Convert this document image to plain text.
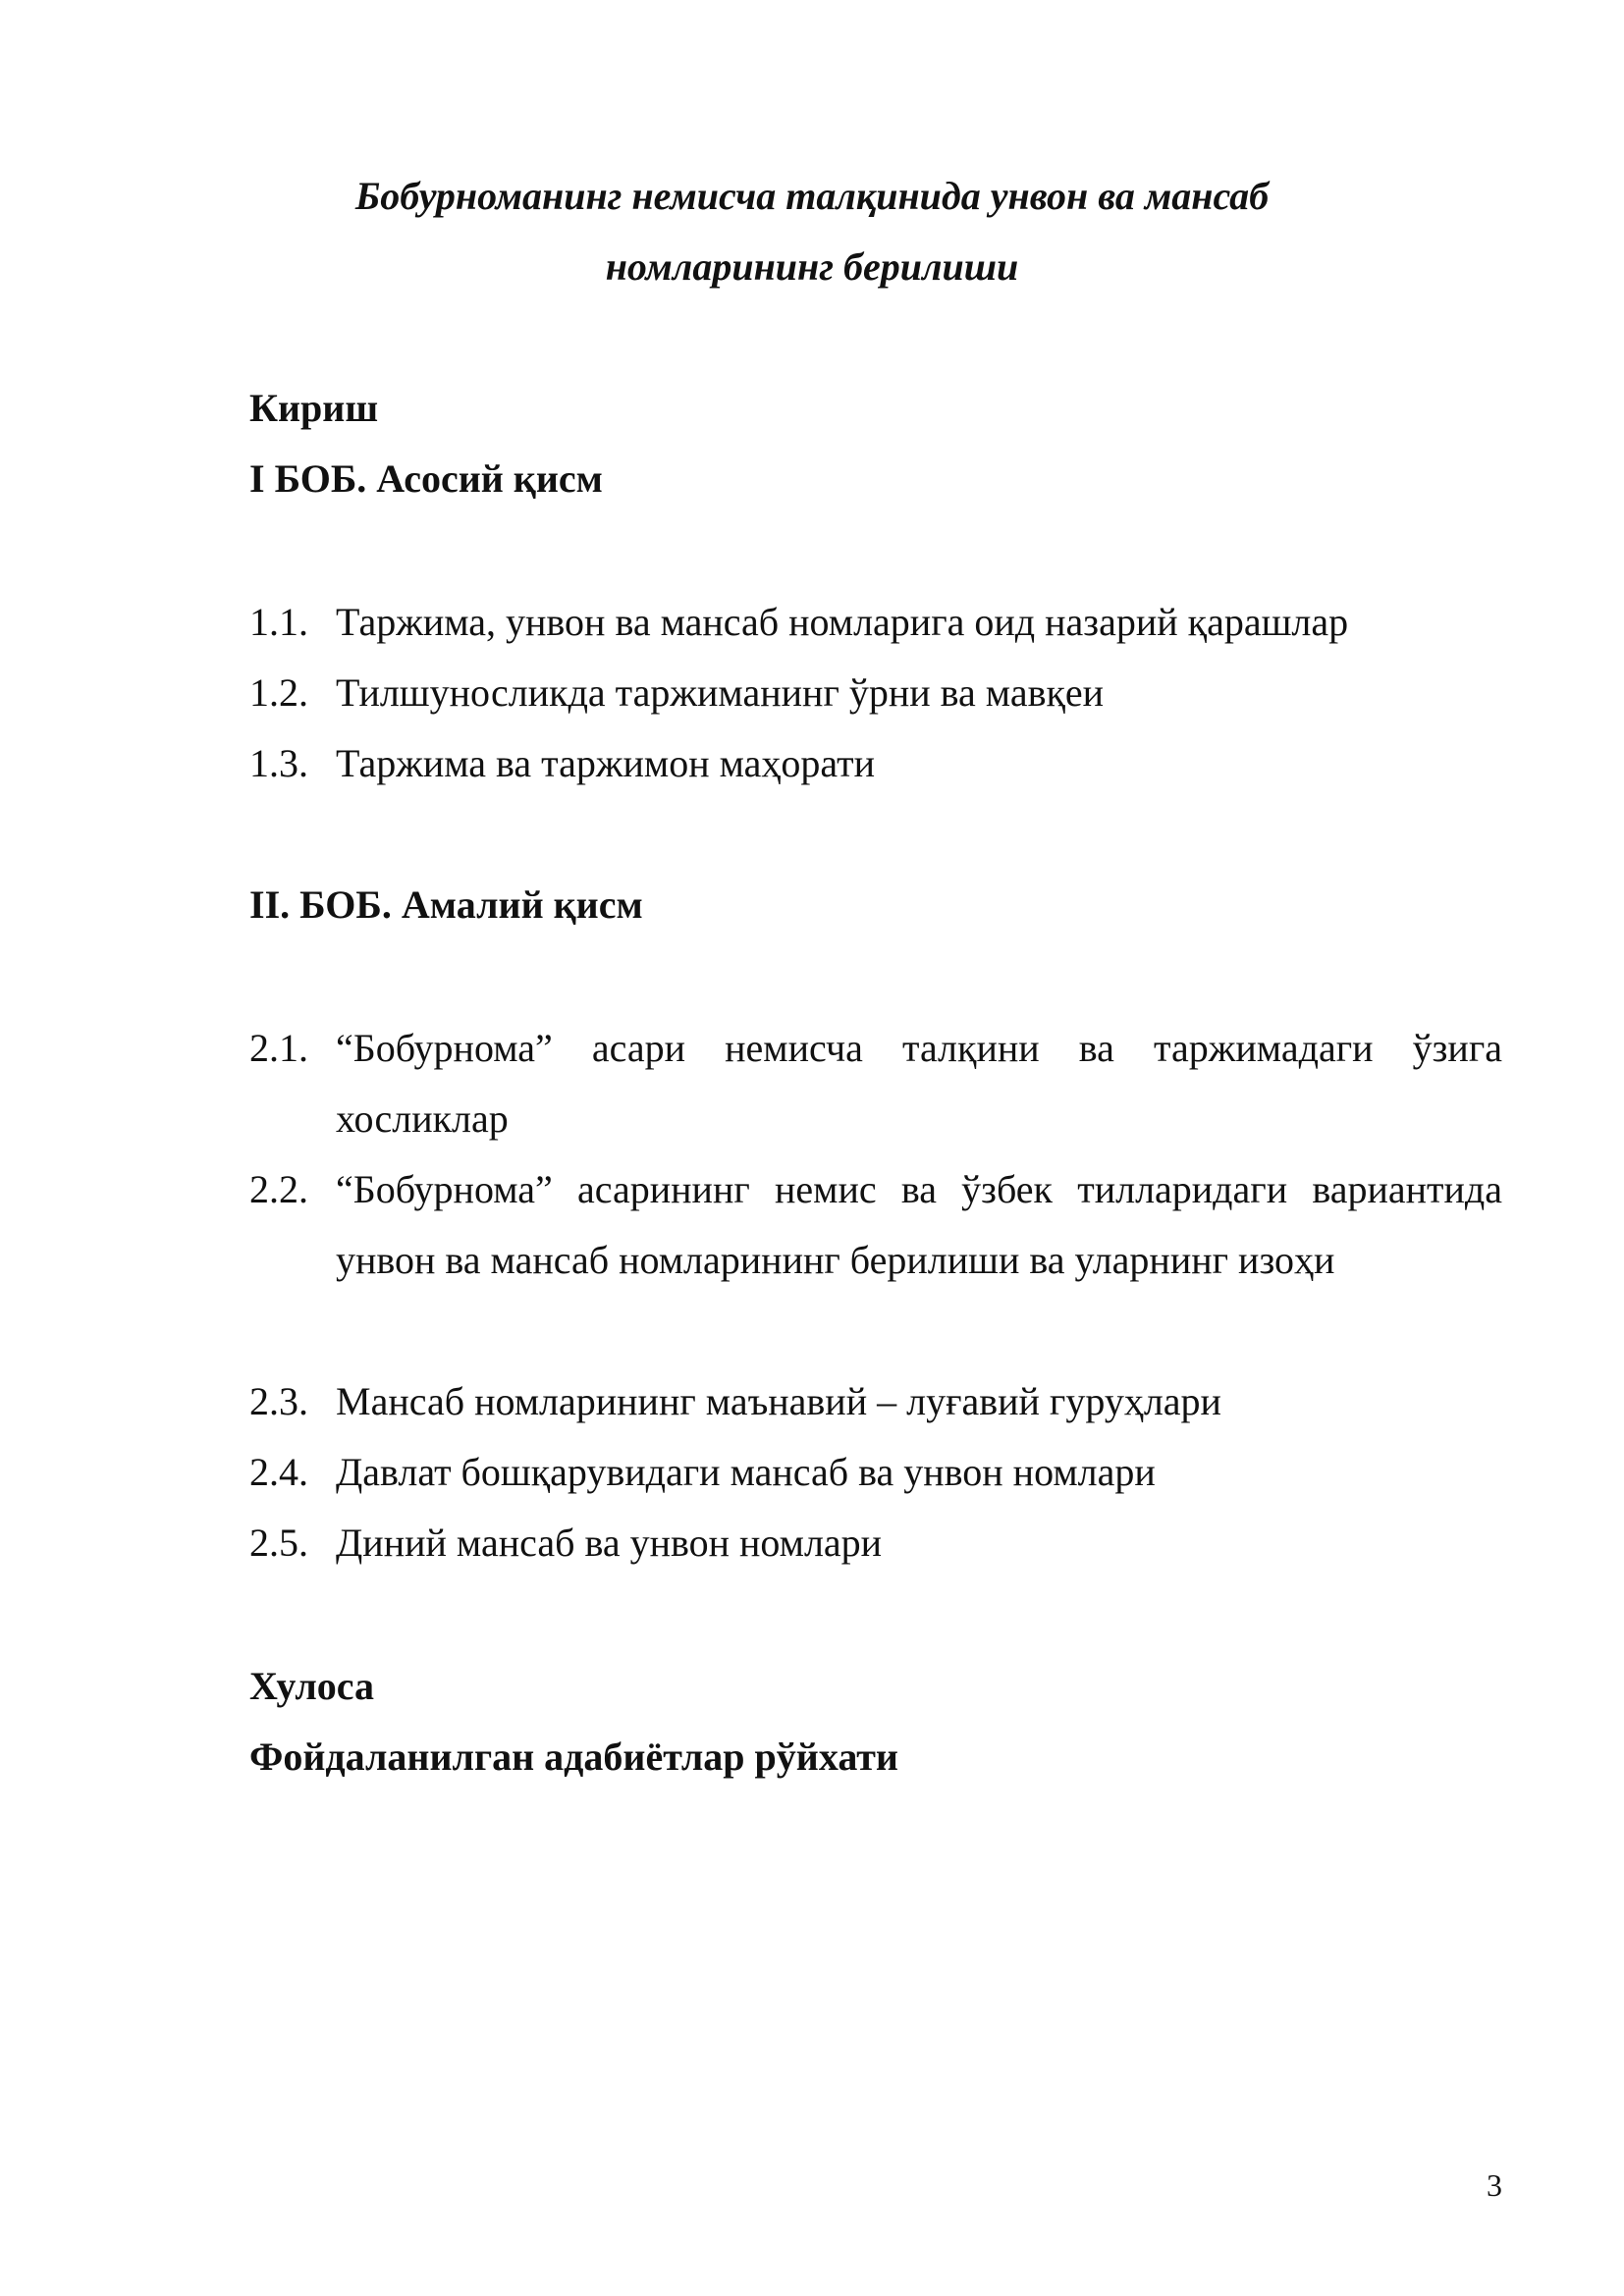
Бобурноманинг немисча талқинида унвон ва мансаб
номларининг берилиши
Кириш
I БОБ. Асосий қисм
1.1. Таржима, унвон ва мансаб номларига оид назарий қарашлар
1.2. Тилшуносликда таржиманинг ўрни ва мавқеи
1.3. Таржима ва таржимон маҳорати
II. БОБ. Амалий қисм
2.1. “Бобурнома” асари немисча талқини ва таржимадаги ўзига хосликлар
2.2. “Бобурнома” асарининг немис ва ўзбек тилларидаги вариантида унвон ва мансаб номларининг берилиши ва уларнинг изоҳи
2.3. Мансаб номларининг маънавий – луғавий гуруҳлари
2.4. Давлат бошқарувидаги мансаб ва унвон номлари
2.5. Диний мансаб ва унвон номлари
Хулоса
Фойдаланилган адабиётлар рўйхати
3
